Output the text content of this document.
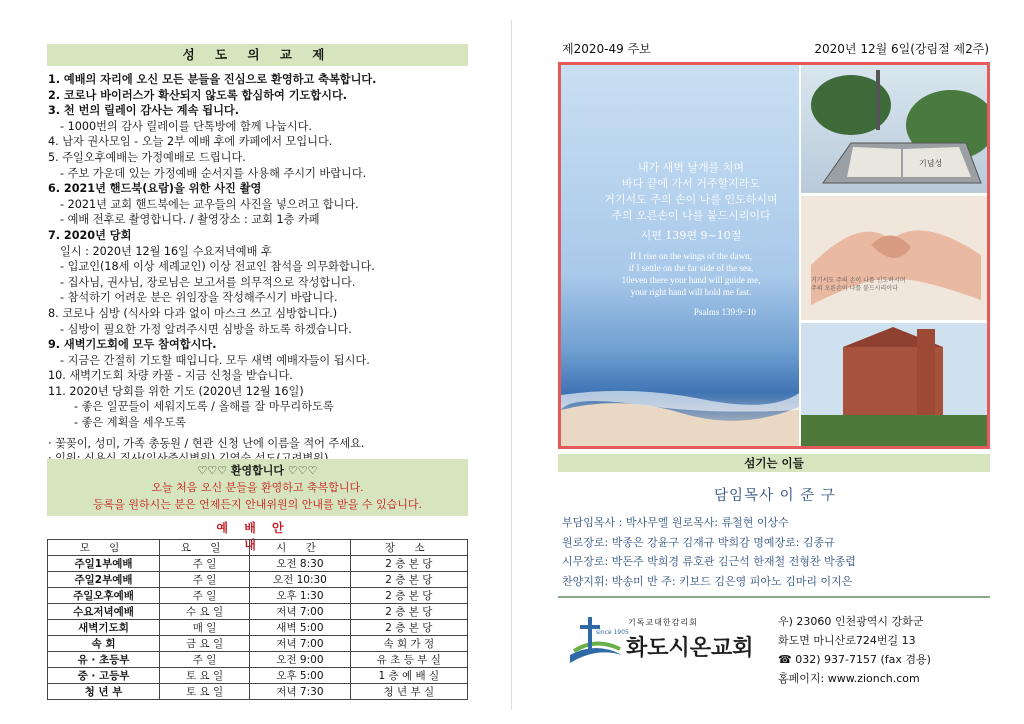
성 도 의 교 제
1. 예배의 자리에 오신 모든 분들을 진심으로 환영하고 축복합니다.
2. 코로나 바이러스가 확산되지 않도록 합심하여 기도합시다.
3. 천 번의 릴레이 감사는 계속 됩니다.
- 1000번의 감사 릴레이를 단톡방에 함께 나눕시다.
4. 남자 권사모임 - 오늘 2부 예배 후에 카페에서 모입니다.
5. 주일오후예배는 가정예배로 드립니다.
- 주보 가운데 있는 가정예배 순서지를 사용해 주시기 바랍니다.
6. 2021년 핸드북(요람)을 위한 사진 촬영
- 2021년 교회 핸드북에는 교우들의 사진을 넣으려고 합니다.
- 예배 전후로 촬영합니다. / 촬영장소 : 교회 1층 카페
7. 2020년 당회
일시 : 2020년 12월 16일 수요저녁예배 후
- 입교인(18세 이상 세례교인) 이상 전교인 참석을 의무화합니다.
- 집사님, 권사님, 장로님은 보고서를 의무적으로 작성합니다.
- 참석하기 어려운 분은 위임장을 작성해주시기 바랍니다.
8. 코로나 심방 (식사와 다과 없이 마스크 쓰고 심방합니다.)
- 심방이 필요한 가정 알려주시면 심방을 하도록 하겠습니다.
9. 새벽기도회에 모두 참여합시다.
- 지금은 간절히 기도할 때입니다. 모두 새벽 예배자들이 됩시다.
10. 새벽기도회 차량 카풀 - 지금 신청을 받습니다.
11. 2020년 당회를 위한 기도 (2020년 12월 16일)
- 좋은 일꾼들이 세워지도록 / 올해를 잘 마무리하도록
- 좋은 계획을 세우도록
· 꽃꽂이, 성미, 가족 총동원 / 현관 신청 난에 이름을 적어 주세요.
♡♡♡ 환영합니다 ♡♡♡
오늘 처음 오신 분들을 환영하고 축복합니다.
등록을 원하시는 분은 언제든지 안내위원의 안내를 받을 수 있습니다.
예 배 안 내
모 임	요 일	시 간	장 소
주일1부예배	주 일	오전 8:30	2 층 본 당
주일2부예배	주 일	오전 10:30	2 층 본 당
주일오후예배	주 일	오후 1:30	2 층 본 당
수요저녁예배	수 요 일	저녁 7:00	2 층 본 당
새벽기도회	매 일	새벽 5:00	2 층 본 당
속 회	금 요 일	저녁 7:00	속 회 가 정
유 · 초등부	주 일	오전 9:00	유 초 등 부 실
중 · 고등부	토 요 일	오후 5:00	1 층 예 배 실
청 년 부	토 요 일	저녁 7:30	청 년 부 실
제2020-49 주보	2020년 12월 6일(강림절 제2주)
내가 새벽 날개를 치며
바다 끝에 가서 거주할지라도
거기서도 주의 손이 나를 인도하시며
주의 오른손이 나를 붙드시리이다
시편 139편 9~10절
If I rise on the wings of the dawn,
if I settle on the far side of the sea,
10even there your hand will guide me,
your right hand will hold me fast.
Psalms 139:9~10
기념성
거기서도 주의 손이 나를 인도하시며
주의 오른손이 나를 붙드시리이다
섬기는 이들
담임목사 이 준 구
부담임목사 : 박사무엘 원로목사: 류철현 이상수
원로장로: 박종은 강윤구 김재규 박희감 명예장로: 김종규
시무장로: 박돈주 박희경 류호관 김근석 한재철 전형찬 박종렵
찬양지휘: 박송미 반 주: 키보드 김은영 피아노 김마리 이지은
since 1905
기독교대한감리회
화도시온교회
우) 23060 인천광역시 강화군
화도면 마니산로724번길 13
☎ 032) 937-7157 (fax 겸용)
홈페이지: www.zionch.com
